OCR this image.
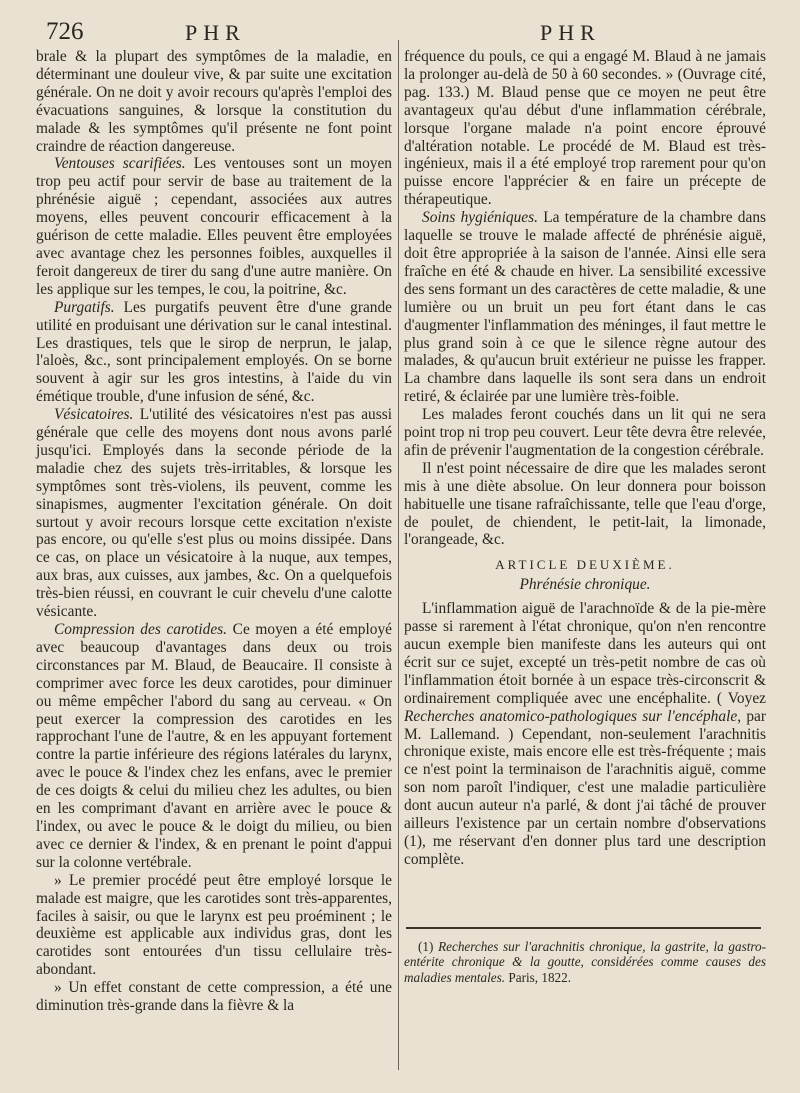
726	PHR	PHR

brale & la plupart des symptômes de la maladie, en déterminant une douleur vive, & par suite une excitation générale. On ne doit y avoir recours qu'après l'emploi des évacuations sanguines, & lorsque la constitution du malade & les symptômes qu'il présente ne font point craindre de réaction dangereuse.

Ventouses scarifiées. Les ventouses sont un moyen trop peu actif pour servir de base au traitement de la phrénésie aiguë ; cependant, associées aux autres moyens, elles peuvent concourir efficacement à la guérison de cette maladie. Elles peuvent être employées avec avantage chez les personnes foibles, auxquelles il feroit dangereux de tirer du sang d'une autre manière. On les applique sur les tempes, le cou, la poitrine, &c.

Purgatifs. Les purgatifs peuvent être d'une grande utilité en produisant une dérivation sur le canal intestinal. Les drastiques, tels que le sirop de nerprun, le jalap, l'aloès, &c., sont principalement employés. On se borne souvent à agir sur les gros intestins, à l'aide du vin émétique trouble, d'une infusion de séné, &c.

Vésicatoires. L'utilité des vésicatoires n'est pas aussi générale que celle des moyens dont nous avons parlé jusqu'ici. Employés dans la seconde période de la maladie chez des sujets très-irritables, & lorsque les symptômes sont très-violens, ils peuvent, comme les sinapismes, augmenter l'excitation générale. On doit surtout y avoir recours lorsque cette excitation n'existe pas encore, ou qu'elle s'est plus ou moins dissipée. Dans ce cas, on place un vésicatoire à la nuque, aux tempes, aux bras, aux cuisses, aux jambes, &c. On a quelquefois très-bien réussi, en couvrant le cuir chevelu d'une calotte vésicante.

Compression des carotides. Ce moyen a été employé avec beaucoup d'avantages dans deux ou trois circonstances par M. Blaud, de Beaucaire. Il consiste à comprimer avec force les deux carotides, pour diminuer ou même empêcher l'abord du sang au cerveau. « On peut exercer la compression des carotides en les rapprochant l'une de l'autre, & en les appuyant fortement contre la partie inférieure des régions latérales du larynx, avec le pouce & l'index chez les enfans, avec le premier de ces doigts & celui du milieu chez les adultes, ou bien en les comprimant d'avant en arrière avec le pouce & l'index, ou avec le pouce & le doigt du milieu, ou bien avec ce dernier & l'index, & en prenant le point d'appui sur la colonne vertébrale.

» Le premier procédé peut être employé lorsque le malade est maigre, que les carotides sont très-apparentes, faciles à saisir, ou que le larynx est peu proéminent ; le deuxième est applicable aux individus gras, dont les carotides sont entourées d'un tissu cellulaire très-abondant.

» Un effet constant de cette compression, a été une diminution très-grande dans la fièvre & la

fréquence du pouls, ce qui a engagé M. Blaud à ne jamais la prolonger au-delà de 50 à 60 secondes. » (Ouvrage cité, pag. 133.) M. Blaud pense que ce moyen ne peut être avantageux qu'au début d'une inflammation cérébrale, lorsque l'organe malade n'a point encore éprouvé d'altération notable. Le procédé de M. Blaud est très-ingénieux, mais il a été employé trop rarement pour qu'on puisse encore l'apprécier & en faire un précepte de thérapeutique.

Soins hygiéniques. La température de la chambre dans laquelle se trouve le malade affecté de phrénésie aiguë, doit être appropriée à la saison de l'année. Ainsi elle sera fraîche en été & chaude en hiver. La sensibilité excessive des sens formant un des caractères de cette maladie, & une lumière ou un bruit un peu fort étant dans le cas d'augmenter l'inflammation des méninges, il faut mettre le plus grand soin à ce que le silence règne autour des malades, & qu'aucun bruit extérieur ne puisse les frapper. La chambre dans laquelle ils sont sera dans un endroit retiré, & éclairée par une lumière très-foible.

Les malades feront couchés dans un lit qui ne sera point trop ni trop peu couvert. Leur tête devra être relevée, afin de prévenir l'augmentation de la congestion cérébrale.

Il n'est point nécessaire de dire que les malades seront mis à une diète absolue. On leur donnera pour boisson habituelle une tisane rafraîchissante, telle que l'eau d'orge, de poulet, de chiendent, le petit-lait, la limonade, l'orangeade, &c.

ARTICLE DEUXIÈME.
Phrénésie chronique.

L'inflammation aiguë de l'arachnoïde & de la pie-mère passe si rarement à l'état chronique, qu'on n'en rencontre aucun exemple bien manifeste dans les auteurs qui ont écrit sur ce sujet, excepté un très-petit nombre de cas où l'inflammation étoit bornée à un espace très-circonscrit & ordinairement compliquée avec une encéphalite. ( Voyez Recherches anatomico-pathologiques sur l'encéphale, par M. Lallemand. ) Cependant, non-seulement l'arachnitis chronique existe, mais encore elle est très-fréquente ; mais ce n'est point la terminaison de l'arachnitis aiguë, comme son nom paroît l'indiquer, c'est une maladie particulière dont aucun auteur n'a parlé, & dont j'ai tâché de prouver ailleurs l'existence par un certain nombre d'observations (1), me réservant d'en donner plus tard une description complète.

(1) Recherches sur l'arachnitis chronique, la gastrite, la gastro-entérite chronique & la goutte, considérées comme causes des maladies mentales. Paris, 1822.
